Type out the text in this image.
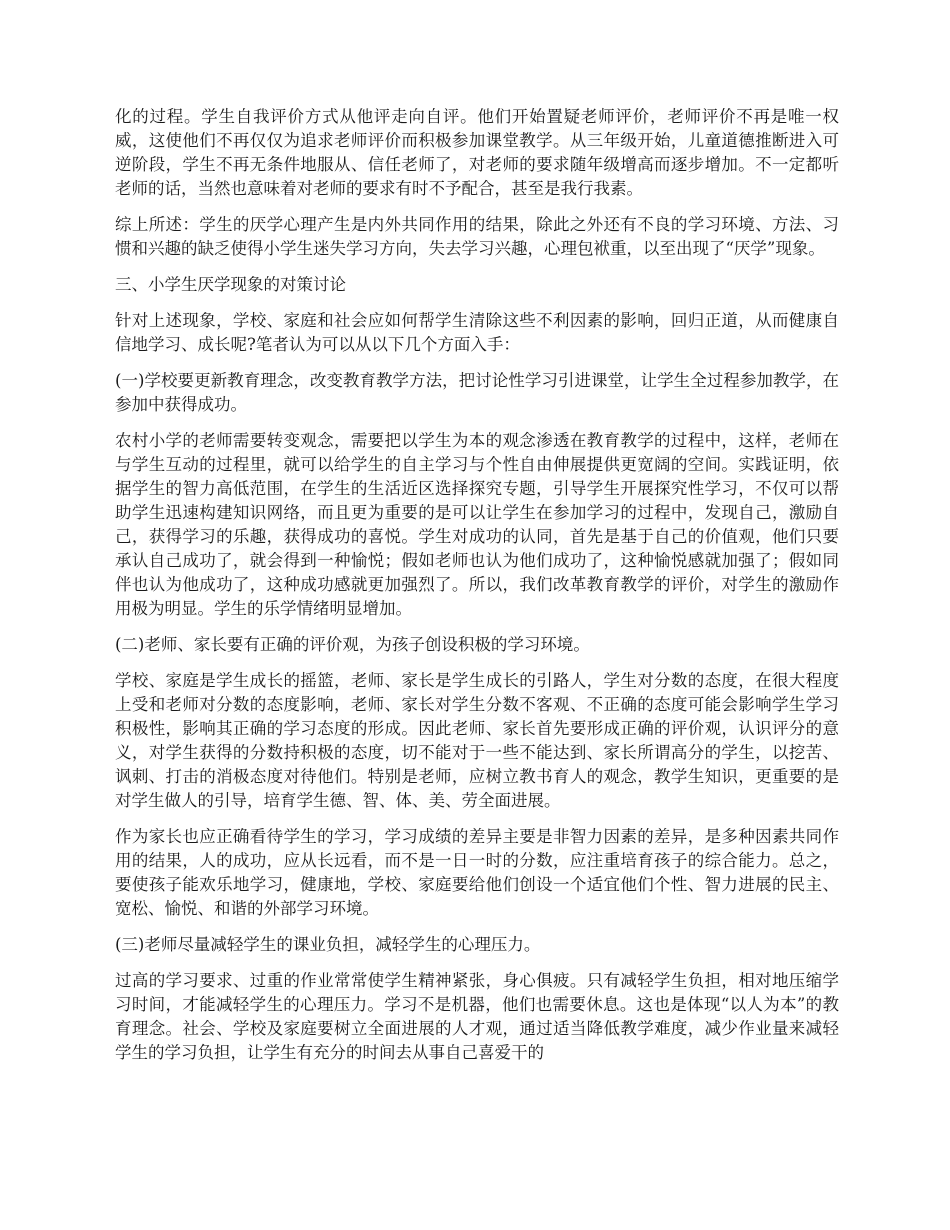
化的过程。学生自我评价方式从他评走向自评。他们开始置疑老师评价，老师评价不再是唯一权威，这使他们不再仅仅为追求老师评价而积极参加课堂教学。从三年级开始，儿童道德推断进入可逆阶段，学生不再无条件地服从、信任老师了，对老师的要求随年级增高而逐步增加。不一定都听老师的话，当然也意味着对老师的要求有时不予配合，甚至是我行我素。

综上所述：学生的厌学心理产生是内外共同作用的结果，除此之外还有不良的学习环境、方法、习惯和兴趣的缺乏使得小学生迷失学习方向，失去学习兴趣，心理包袱重，以至出现了“厌学”现象。

三、小学生厌学现象的对策讨论

针对上述现象，学校、家庭和社会应如何帮学生清除这些不利因素的影响，回归正道，从而健康自信地学习、成长呢?笔者认为可以从以下几个方面入手：

(一)学校要更新教育理念，改变教育教学方法，把讨论性学习引进课堂，让学生全过程参加教学，在参加中获得成功。

农村小学的老师需要转变观念，需要把以学生为本的观念渗透在教育教学的过程中，这样，老师在与学生互动的过程里，就可以给学生的自主学习与个性自由伸展提供更宽阔的空间。实践证明，依据学生的智力高低范围，在学生的生活近区选择探究专题，引导学生开展探究性学习，不仅可以帮助学生迅速构建知识网络，而且更为重要的是可以让学生在参加学习的过程中，发现自己，激励自己，获得学习的乐趣，获得成功的喜悦。学生对成功的认同，首先是基于自己的价值观，他们只要承认自己成功了，就会得到一种愉悦；假如老师也认为他们成功了，这种愉悦感就加强了；假如同伴也认为他成功了，这种成功感就更加强烈了。所以，我们改革教育教学的评价，对学生的激励作用极为明显。学生的乐学情绪明显增加。

(二)老师、家长要有正确的评价观，为孩子创设积极的学习环境。

学校、家庭是学生成长的摇篮，老师、家长是学生成长的引路人，学生对分数的态度，在很大程度上受和老师对分数的态度影响，老师、家长对学生分数不客观、不正确的态度可能会影响学生学习积极性，影响其正确的学习态度的形成。因此老师、家长首先要形成正确的评价观，认识评分的意义，对学生获得的分数持积极的态度，切不能对于一些不能达到、家长所谓高分的学生，以挖苦、讽刺、打击的消极态度对待他们。特别是老师，应树立教书育人的观念，教学生知识，更重要的是对学生做人的引导，培育学生德、智、体、美、劳全面进展。

作为家长也应正确看待学生的学习，学习成绩的差异主要是非智力因素的差异，是多种因素共同作用的结果，人的成功，应从长远看，而不是一日一时的分数，应注重培育孩子的综合能力。总之，要使孩子能欢乐地学习，健康地，学校、家庭要给他们创设一个适宜他们个性、智力进展的民主、宽松、愉悦、和谐的外部学习环境。

(三)老师尽量减轻学生的课业负担，减轻学生的心理压力。

过高的学习要求、过重的作业常常使学生精神紧张，身心俱疲。只有减轻学生负担，相对地压缩学习时间，才能减轻学生的心理压力。学习不是机器，他们也需要休息。这也是体现“以人为本”的教育理念。社会、学校及家庭要树立全面进展的人才观，通过适当降低教学难度，减少作业量来减轻学生的学习负担，让学生有充分的时间去从事自己喜爱干的
